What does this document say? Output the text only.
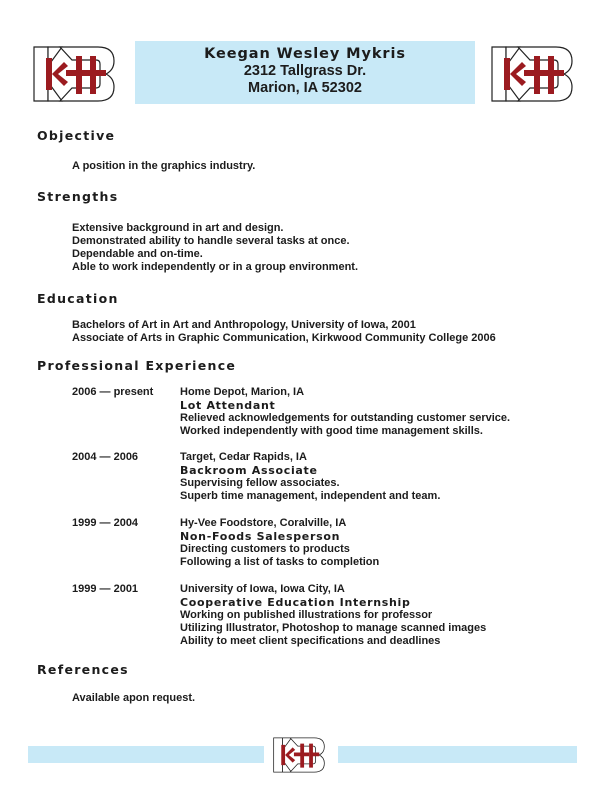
Keegan Wesley Mykris
2312 Tallgrass Dr.
Marion, IA 52302
Objective
A position in the graphics industry.
Strengths
Extensive background in art and design.
Demonstrated ability to handle several tasks at once.
Dependable and on-time.
Able to work independently or in a group environment.
Education
Bachelors of Art in Art and Anthropology, University of Iowa, 2001
Associate of Arts in Graphic Communication, Kirkwood Community College 2006
Professional Experience
2006 — present Home Depot, Marion, IA
Lot Attendant
Relieved acknowledgements for outstanding customer service.
Worked independently with good time management skills.
2004 — 2006	Target, Cedar Rapids, IA
Backroom Associate
Supervising fellow associates.
Superb time management, independent and team.
1999 — 2004	Hy-Vee Foodstore, Coralville, IA
Non-Foods Salesperson
Directing customers to products
Following a list of tasks to completion
1999 — 2001	University of Iowa, Iowa City, IA
Cooperative Education Internship
Working on published illustrations for professor
Utilizing Illustrator, Photoshop to manage scanned images
Ability to meet client specifications and deadlines
References
Available apon request.
